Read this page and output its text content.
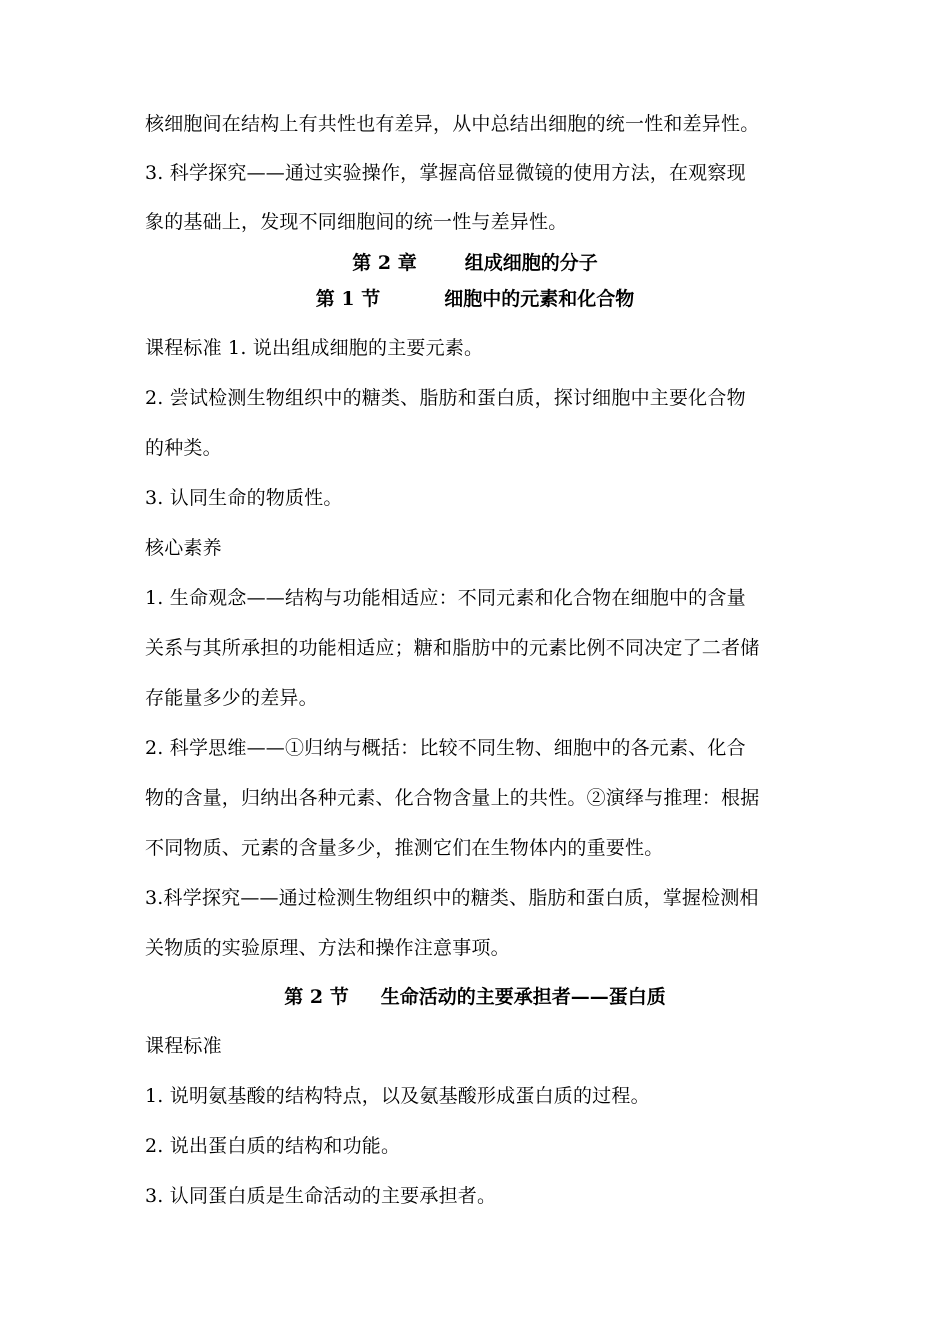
核细胞间在结构上有共性也有差异，从中总结出细胞的统一性和差异性。
3. 科学探究——通过实验操作，掌握高倍显微镜的使用方法，在观察现
象的基础上，发现不同细胞间的统一性与差异性。
第 2 章	组成细胞的分子
第 1 节	细胞中的元素和化合物
课程标准 1. 说出组成细胞的主要元素。
2. 尝试检测生物组织中的糖类、脂肪和蛋白质，探讨细胞中主要化合物
的种类。
3. 认同生命的物质性。
核心素养
1. 生命观念——结构与功能相适应：不同元素和化合物在细胞中的含量
关系与其所承担的功能相适应；糖和脂肪中的元素比例不同决定了二者储
存能量多少的差异。
2. 科学思维——①归纳与概括：比较不同生物、细胞中的各元素、化合
物的含量，归纳出各种元素、化合物含量上的共性。②演绎与推理：根据
不同物质、元素的含量多少，推测它们在生物体内的重要性。
3.科学探究——通过检测生物组织中的糖类、脂肪和蛋白质，掌握检测相
关物质的实验原理、方法和操作注意事项。
第 2 节 生命活动的主要承担者——蛋白质
课程标准
1. 说明氨基酸的结构特点，以及氨基酸形成蛋白质的过程。
2. 说出蛋白质的结构和功能。
3. 认同蛋白质是生命活动的主要承担者。
